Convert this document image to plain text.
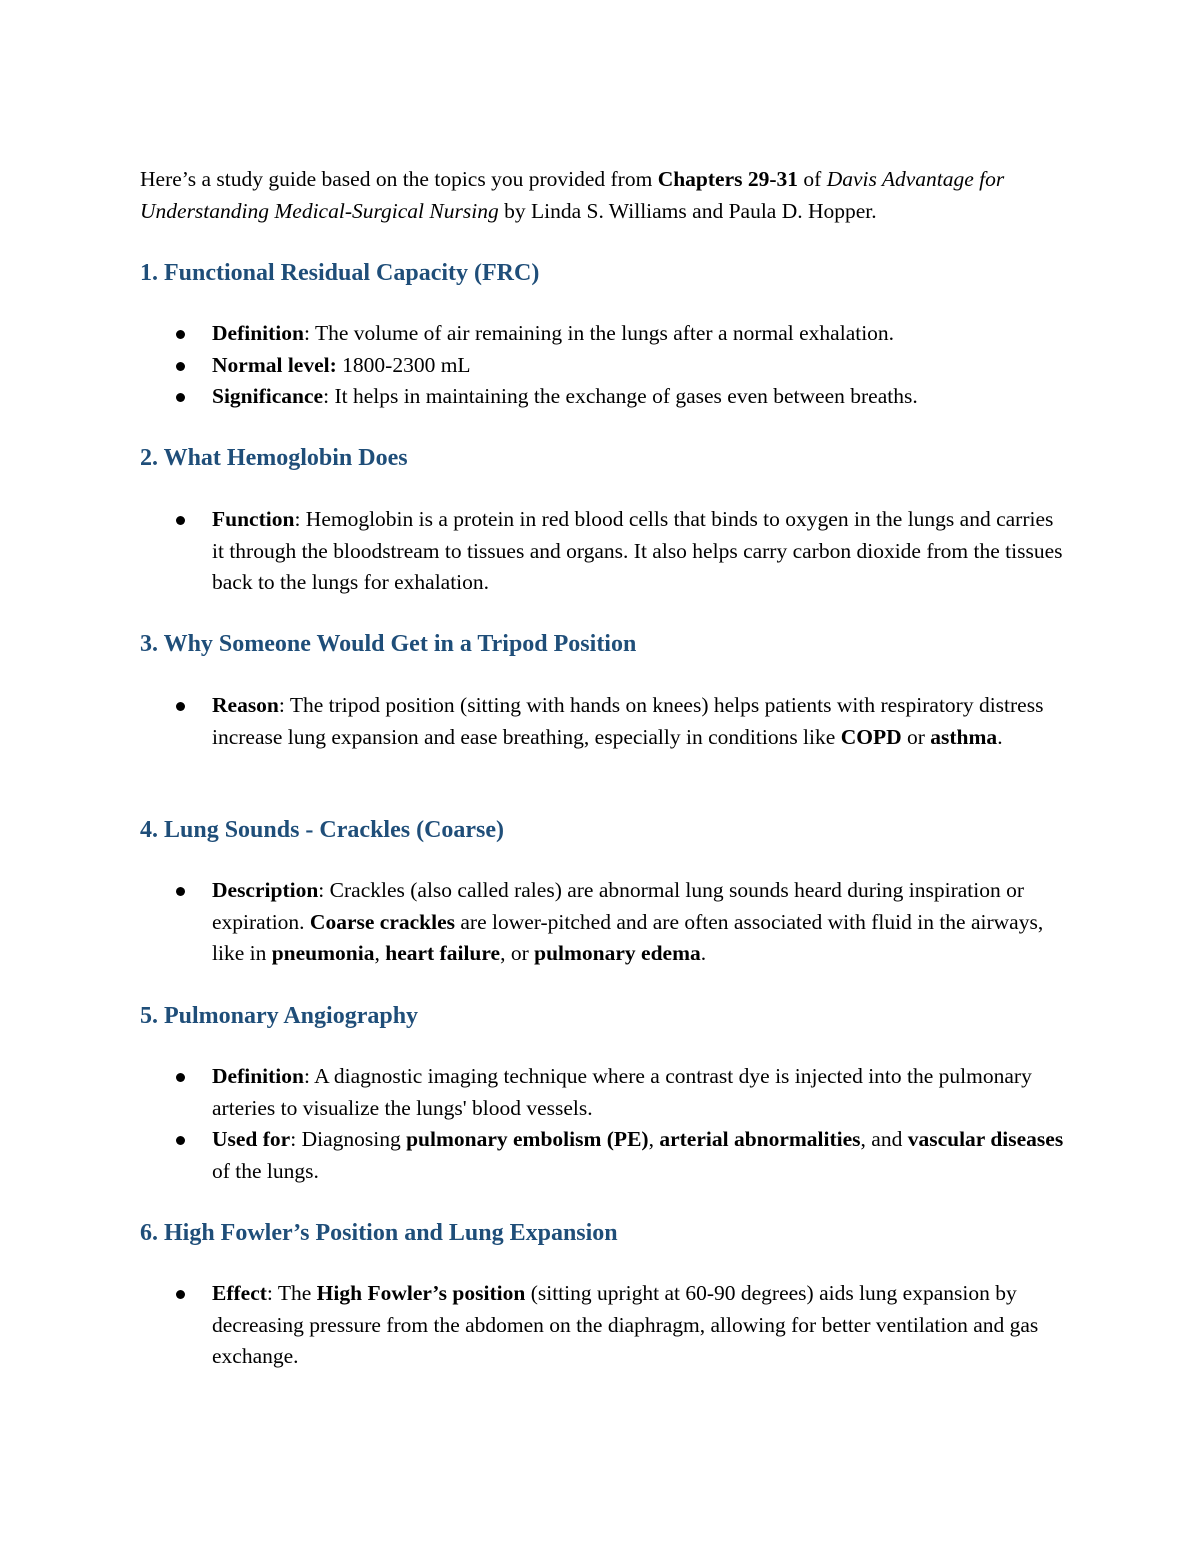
Here’s a study guide based on the topics you provided from Chapters 29-31 of Davis Advantage for Understanding Medical-Surgical Nursing by Linda S. Williams and Paula D. Hopper.

1. Functional Residual Capacity (FRC)
Definition: The volume of air remaining in the lungs after a normal exhalation.
Normal level: 1800-2300 mL
Significance: It helps in maintaining the exchange of gases even between breaths.
2. What Hemoglobin Does
Function: Hemoglobin is a protein in red blood cells that binds to oxygen in the lungs and carries it through the bloodstream to tissues and organs. It also helps carry carbon dioxide from the tissues back to the lungs for exhalation.
3. Why Someone Would Get in a Tripod Position
Reason: The tripod position (sitting with hands on knees) helps patients with respiratory distress increase lung expansion and ease breathing, especially in conditions like COPD or asthma.
4. Lung Sounds - Crackles (Coarse)
Description: Crackles (also called rales) are abnormal lung sounds heard during inspiration or expiration. Coarse crackles are lower-pitched and are often associated with fluid in the airways, like in pneumonia, heart failure, or pulmonary edema.
5. Pulmonary Angiography
Definition: A diagnostic imaging technique where a contrast dye is injected into the pulmonary arteries to visualize the lungs' blood vessels.
Used for: Diagnosing pulmonary embolism (PE), arterial abnormalities, and vascular diseases of the lungs.
6. High Fowler’s Position and Lung Expansion
Effect: The High Fowler’s position (sitting upright at 60-90 degrees) aids lung expansion by decreasing pressure from the abdomen on the diaphragm, allowing for better ventilation and gas exchange.
